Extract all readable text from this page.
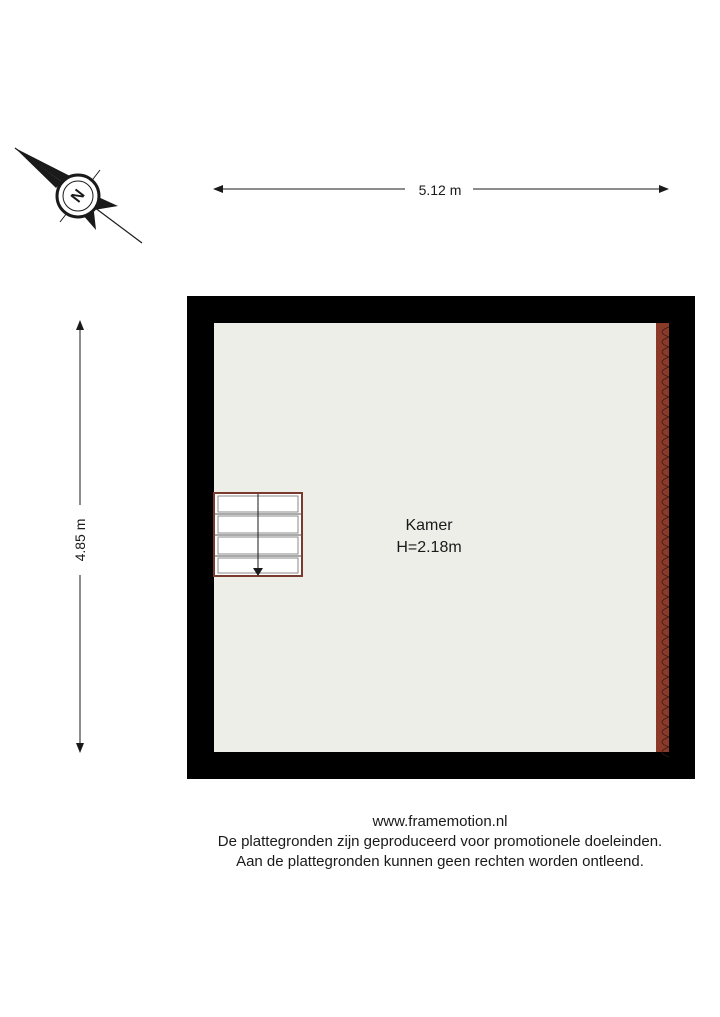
N	5.12 m
4.85 m	Kamer
H=2.18m
www.framemotion.nl
De plattegronden zijn geproduceerd voor promotionele doeleinden.
Aan de plattegronden kunnen geen rechten worden ontleend.
